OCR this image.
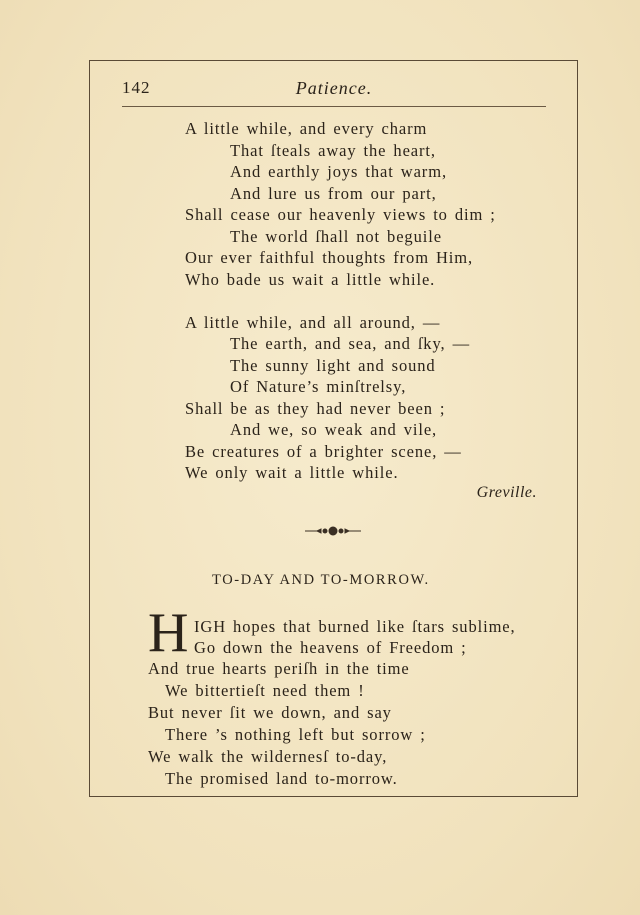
142	Patience.
A little while, and every charm
That ſteals away the heart,
And earthly joys that warm,
And lure us from our part,
Shall cease our heavenly views to dim ;
The world ſhall not beguile
Our ever faithful thoughts from Him,
Who bade us wait a little while.
A little while, and all around, —
The earth, and sea, and ſky, —
The sunny light and sound
Of Nature’s minſtrelsy,
Shall be as they had never been ;
And we, so weak and vile,
Be creatures of a brighter scene, —
We only wait a little while.
Greville.
TO-DAY AND TO-MORROW.
H IGH hopes that burned like ſtars sublime,
Go down the heavens of Freedom ;
And true hearts periſh in the time
We bittertieſt need them !
But never ſit we down, and say
There ’s nothing left but sorrow ;
We walk the wildernesſ to-day,
The promised land to-morrow.
